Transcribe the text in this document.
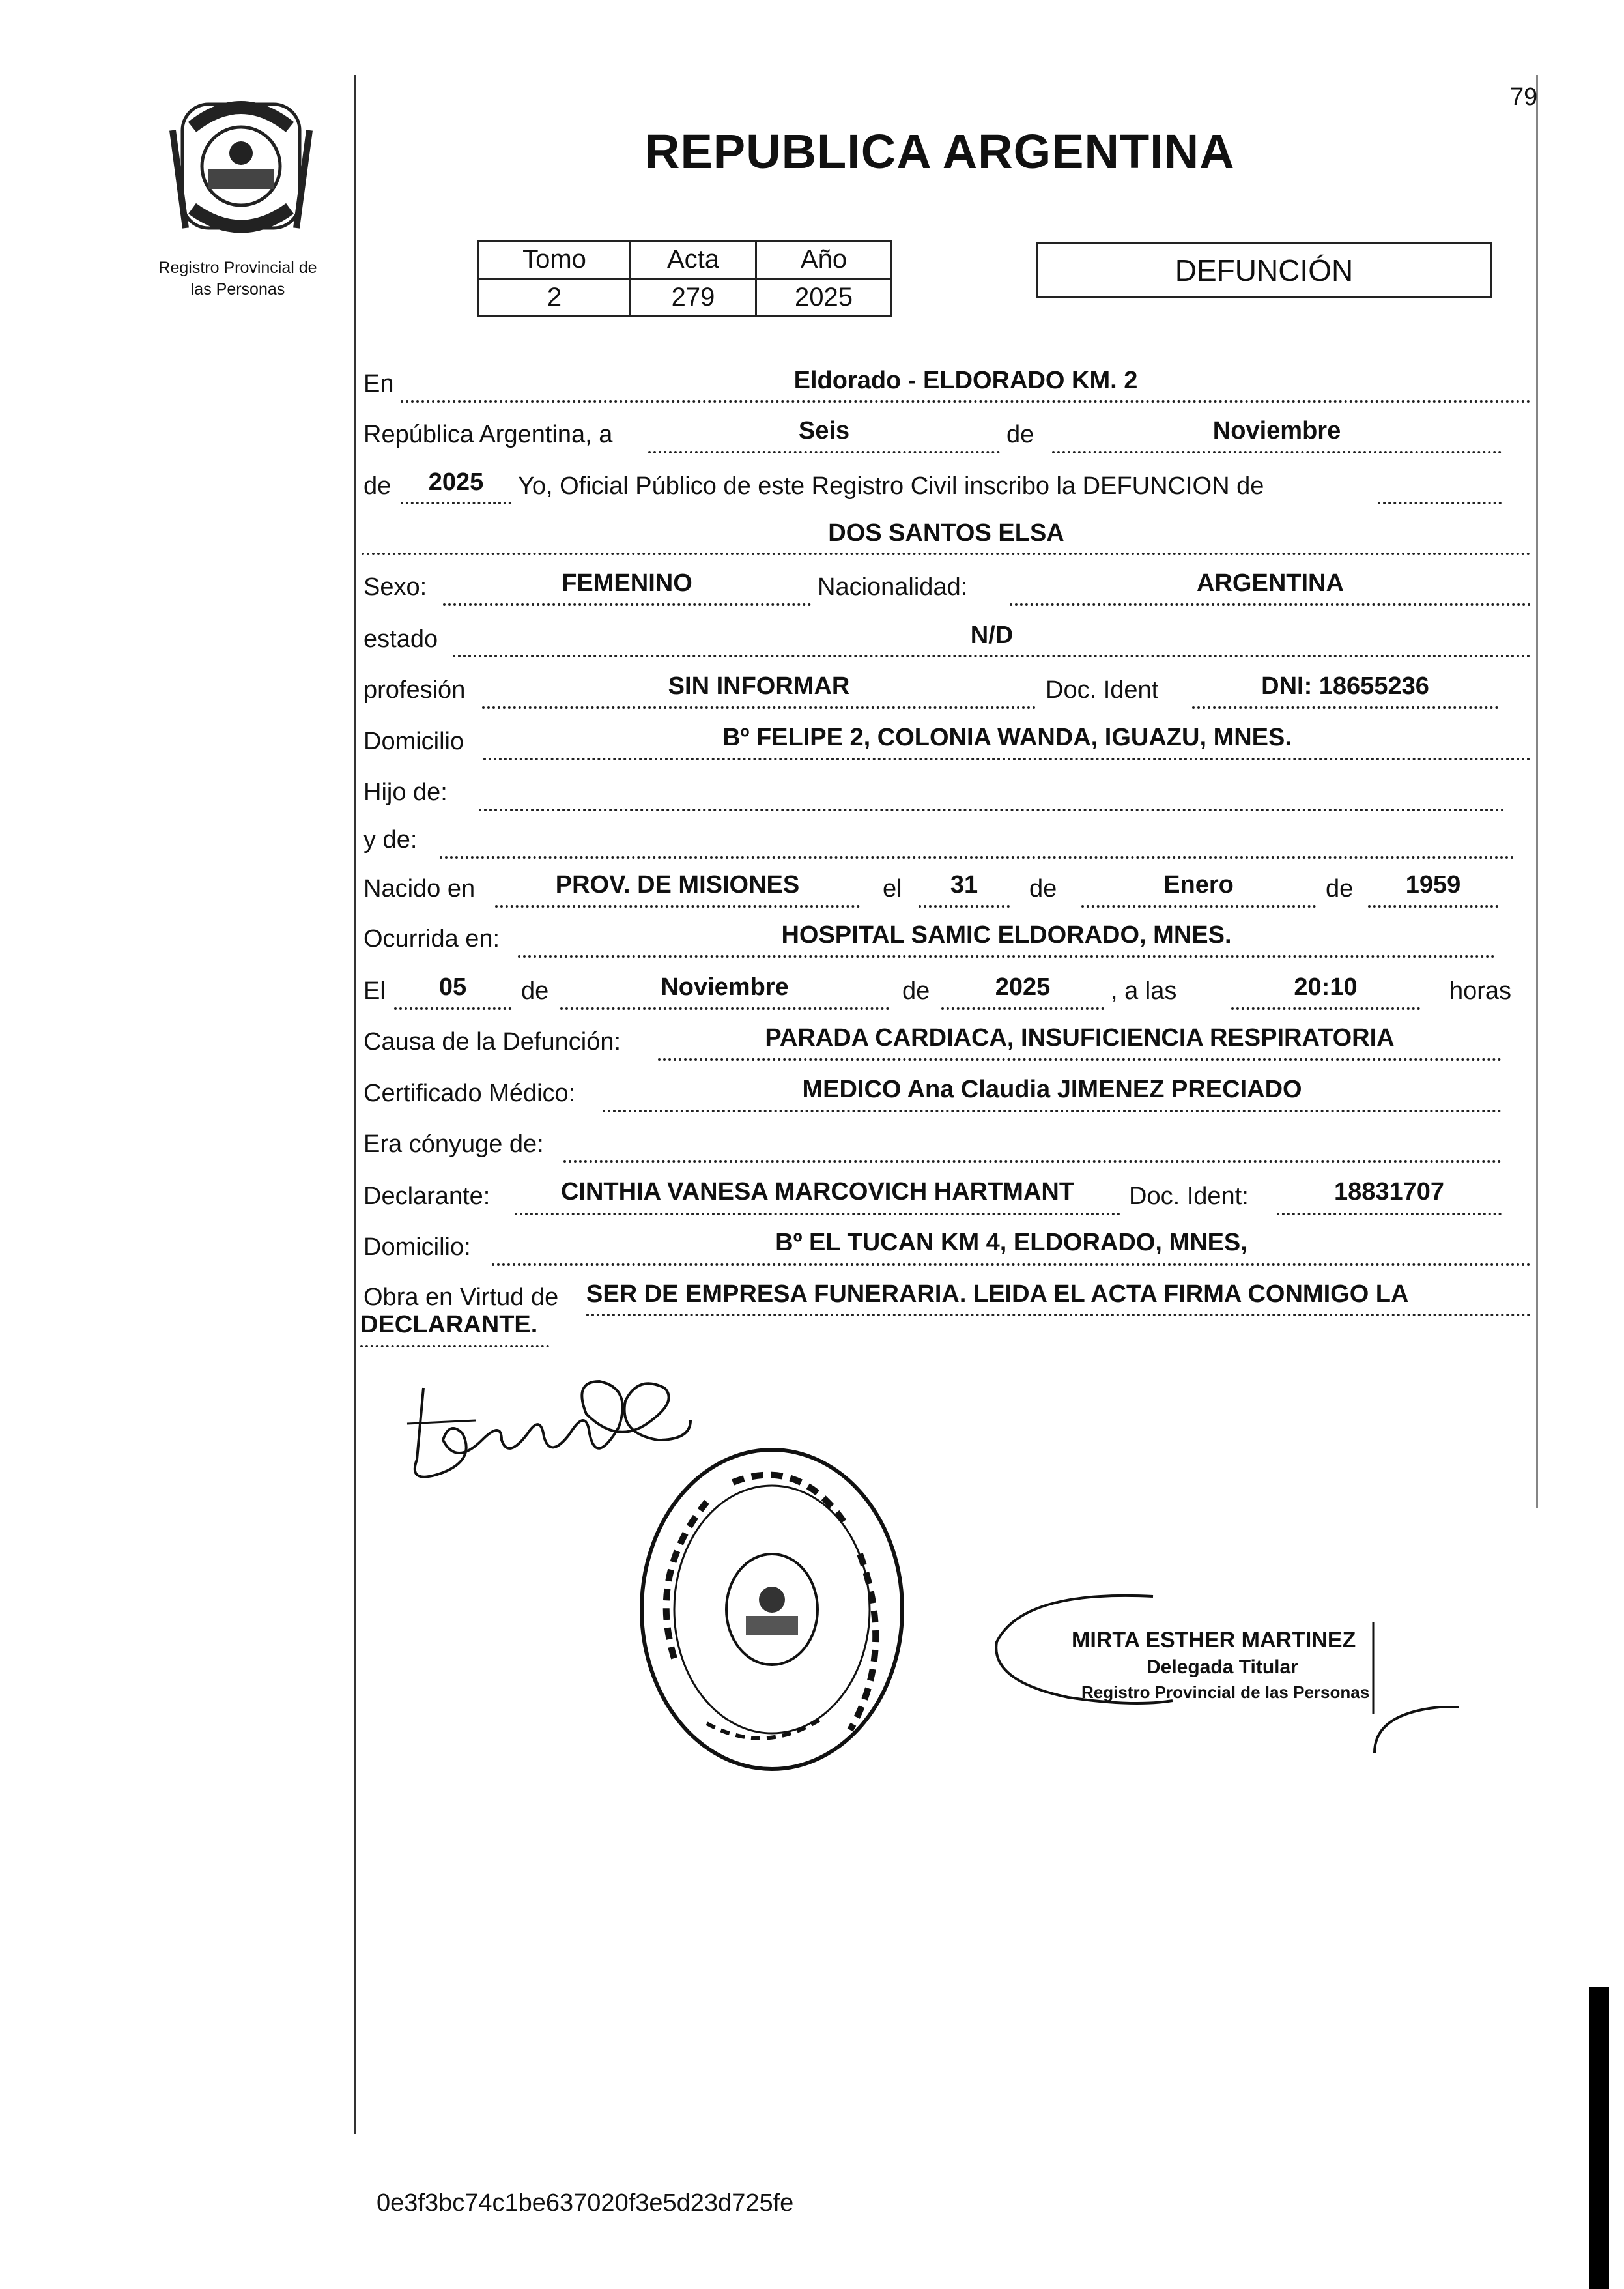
79
Registro Provincial de
las Personas
REPUBLICA ARGENTINA
Tomo	Acta	Año
2	279	2025
DEFUNCIÓN
En	Eldorado - ELDORADO KM. 2
República Argentina, a	Seis	de	Noviembre
de	2025	Yo, Oficial Público de este Registro Civil inscribo la DEFUNCION de
DOS SANTOS ELSA
Sexo:	FEMENINO	Nacionalidad:	ARGENTINA
estado	N/D
profesión	SIN INFORMAR	Doc. Ident	DNI: 18655236
Domicilio	Bº FELIPE 2, COLONIA WANDA, IGUAZU, MNES.
Hijo de:
y de:
Nacido en	PROV. DE MISIONES	el	31	de	Enero	de	1959
Ocurrida en:	HOSPITAL SAMIC ELDORADO, MNES.
El	05	de	Noviembre	de	2025	, a las	20:10	horas
Causa de la Defunción:	PARADA CARDIACA, INSUFICIENCIA RESPIRATORIA
Certificado Médico:	MEDICO Ana Claudia JIMENEZ PRECIADO
Era cónyuge de:
Declarante:	CINTHIA VANESA MARCOVICH HARTMANT	Doc. Ident:	18831707
Domicilio:	Bº EL TUCAN KM 4, ELDORADO, MNES,
Obra en Virtud de SER DE EMPRESA FUNERARIA. LEIDA EL ACTA FIRMA CONMIGO LA
DECLARANTE.
MIRTA ESTHER MARTINEZ
Delegada Titular
Registro Provincial de las Personas
0e3f3bc74c1be637020f3e5d23d725fe
